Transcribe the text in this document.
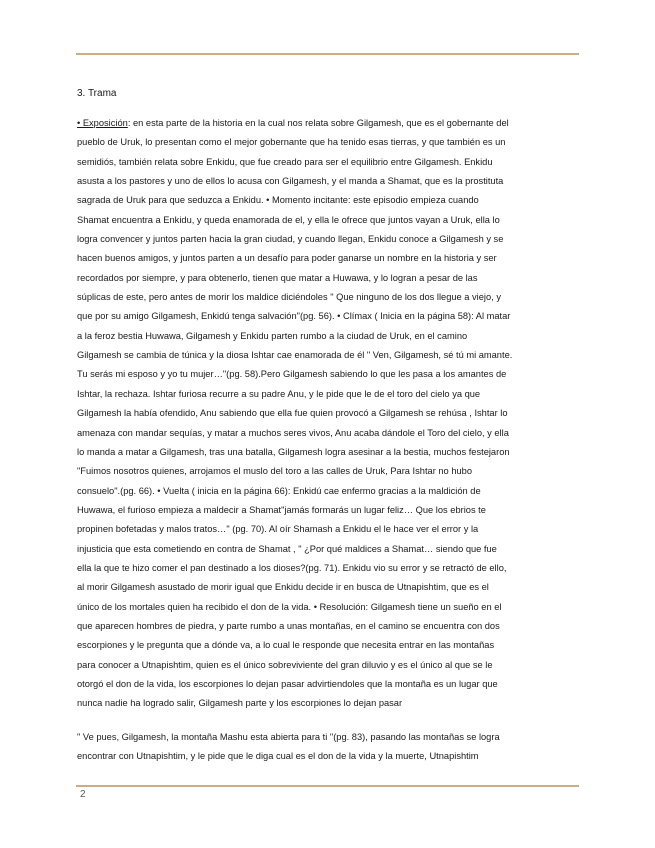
3. Trama

• Exposición: en esta parte de la historia en la cual nos relata sobre Gilgamesh, que es el gobernante del
pueblo de Uruk, lo presentan como el mejor gobernante que ha tenido esas tierras, y que también es un
semidiós, también relata sobre Enkidu, que fue creado para ser el equilibrio entre Gilgamesh. Enkidu
asusta a los pastores y uno de ellos lo acusa con Gilgamesh, y el manda a Shamat, que es la prostituta
sagrada de Uruk para que seduzca a Enkidu. • Momento incitante: este episodio empieza cuando
Shamat encuentra a Enkidu, y queda enamorada de el, y ella le ofrece que juntos vayan a Uruk, ella lo
logra convencer y juntos parten hacia la gran ciudad, y cuando llegan, Enkidu conoce a Gilgamesh y se
hacen buenos amigos, y juntos parten a un desafío para poder ganarse un nombre en la historia y ser
recordados por siempre, y para obtenerlo, tienen que matar a Huwawa, y lo logran a pesar de las
súplicas de este, pero antes de morir los maldice diciéndoles " Que ninguno de los dos llegue a viejo, y
que por su amigo Gilgamesh, Enkidú tenga salvación"(pg. 56). • Clímax ( Inicia en la página 58): Al matar
a la feroz bestia Huwawa, Gilgamesh y Enkidu parten rumbo a la ciudad de Uruk, en el camino
Gilgamesh se cambia de túnica y la diosa Ishtar cae enamorada de él " Ven, Gilgamesh, sé tú mi amante.
Tu serás mi esposo y yo tu mujer…"(pg. 58).Pero Gilgamesh sabiendo lo que les pasa a los amantes de
Ishtar, la rechaza. Ishtar furiosa recurre a su padre Anu, y le pide que le de el toro del cielo ya que
Gilgamesh la había ofendido, Anu sabiendo que ella fue quien provocó a Gilgamesh se rehúsa , Ishtar lo
amenaza con mandar sequías, y matar a muchos seres vivos, Anu acaba dándole el Toro del cielo, y ella
lo manda a matar a Gilgamesh, tras una batalla, Gilgamesh logra asesinar a la bestia, muchos festejaron
"Fuimos nosotros quienes, arrojamos el muslo del toro a las calles de Uruk, Para Ishtar no hubo
consuelo".(pg. 66). • Vuelta ( inicia en la página 66): Enkidú cae enfermo gracias a la maldición de
Huwawa, el furioso empieza a maldecir a Shamat"jamás formarás un lugar feliz… Que los ebrios te
propinen bofetadas y malos tratos…" (pg. 70). Al oír Shamash a Enkidu el le hace ver el error y la
injusticia que esta cometiendo en contra de Shamat , " ¿Por qué maldices a Shamat… siendo que fue
ella la que te hizo comer el pan destinado a los dioses?(pg. 71). Enkidu vio su error y se retractó de ello,
al morir Gilgamesh asustado de morir igual que Enkidu decide ir en busca de Utnapishtim, que es el
único de los mortales quien ha recibido el don de la vida. • Resolución: Gilgamesh tiene un sueño en el
que aparecen hombres de piedra, y parte rumbo a unas montañas, en el camino se encuentra con dos
escorpiones y le pregunta que a dónde va, a lo cual le responde que necesita entrar en las montañas
para conocer a Utnapishtim, quien es el único sobreviviente del gran diluvio y es el único al que se le
otorgó el don de la vida, los escorpiones lo dejan pasar advirtiendoles que la montaña es un lugar que
nunca nadie ha logrado salir, Gilgamesh parte y los escorpiones lo dejan pasar

" Ve pues, Gilgamesh, la montaña Mashu esta abierta para ti "(pg. 83), pasando las montañas se logra
encontrar con Utnapishtim, y le pide que le diga cual es el don de la vida y la muerte, Utnapishtim

2
